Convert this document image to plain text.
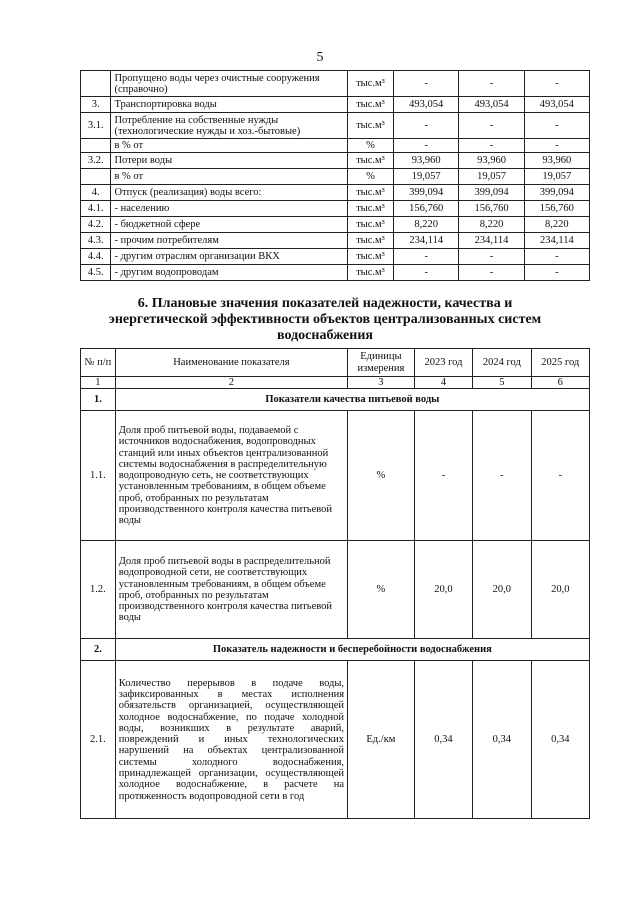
5
	Пропущено воды через очистные сооружения (справочно)	тыс.м³	-	-	-
3.	Транспортировка воды	тыс.м³	493,054	493,054	493,054
3.1.	Потребление на собственные нужды (технологические нужды и хоз.-бытовые)	тыс.м³	-	-	-
	в % от	%	-	-	-
3.2.	Потери воды	тыс.м³	93,960	93,960	93,960
	в % от	%	19,057	19,057	19,057
4.	Отпуск (реализация) воды всего:	тыс.м³	399,094	399,094	399,094
4.1.	- населению	тыс.м³	156,760	156,760	156,760
4.2.	- бюджетной сфере	тыс.м³	8,220	8,220	8,220
4.3.	- прочим потребителям	тыс.м³	234,114	234,114	234,114
4.4.	- другим отраслям организации ВКХ	тыс.м³	-	-	-
4.5.	- другим водопроводам	тыс.м³	-	-	-
6. Плановые значения показателей надежности, качества и энергетической эффективности объектов централизованных систем водоснабжения
№ п/п	Наименование показателя	Единицы измерения	2023 год	2024 год	2025 год
1	2	3	4	5	6
1.	Показатели качества питьевой воды				
1.1.	Доля проб питьевой воды, подаваемой с источников водоснабжения, водопроводных станций или иных объектов централизованной системы водоснабжения в распределительную водопроводную сеть, не соответствующих установленным требованиям, в общем объеме проб, отобранных по результатам производственного контроля качества питьевой воды	%	-	-	-
1.2.	Доля проб питьевой воды в распределительной водопроводной сети, не соответствующих установленным требованиям, в общем объеме проб, отобранных по результатам производственного контроля качества питьевой воды	%	20,0	20,0	20,0
2.	Показатель надежности и бесперебойности водоснабжения				
2.1.	Количество перерывов в подаче воды, зафиксированных в местах исполнения обязательств организацией, осуществляющей холодное водоснабжение, по подаче холодной воды, возникших в результате аварий, повреждений и иных технологических нарушений на объектах централизованной системы холодного водоснабжения, принадлежащей организации, осуществляющей холодное водоснабжение, в расчете на протяженность водопроводной сети в год	Ед./км	0,34	0,34	0,34
